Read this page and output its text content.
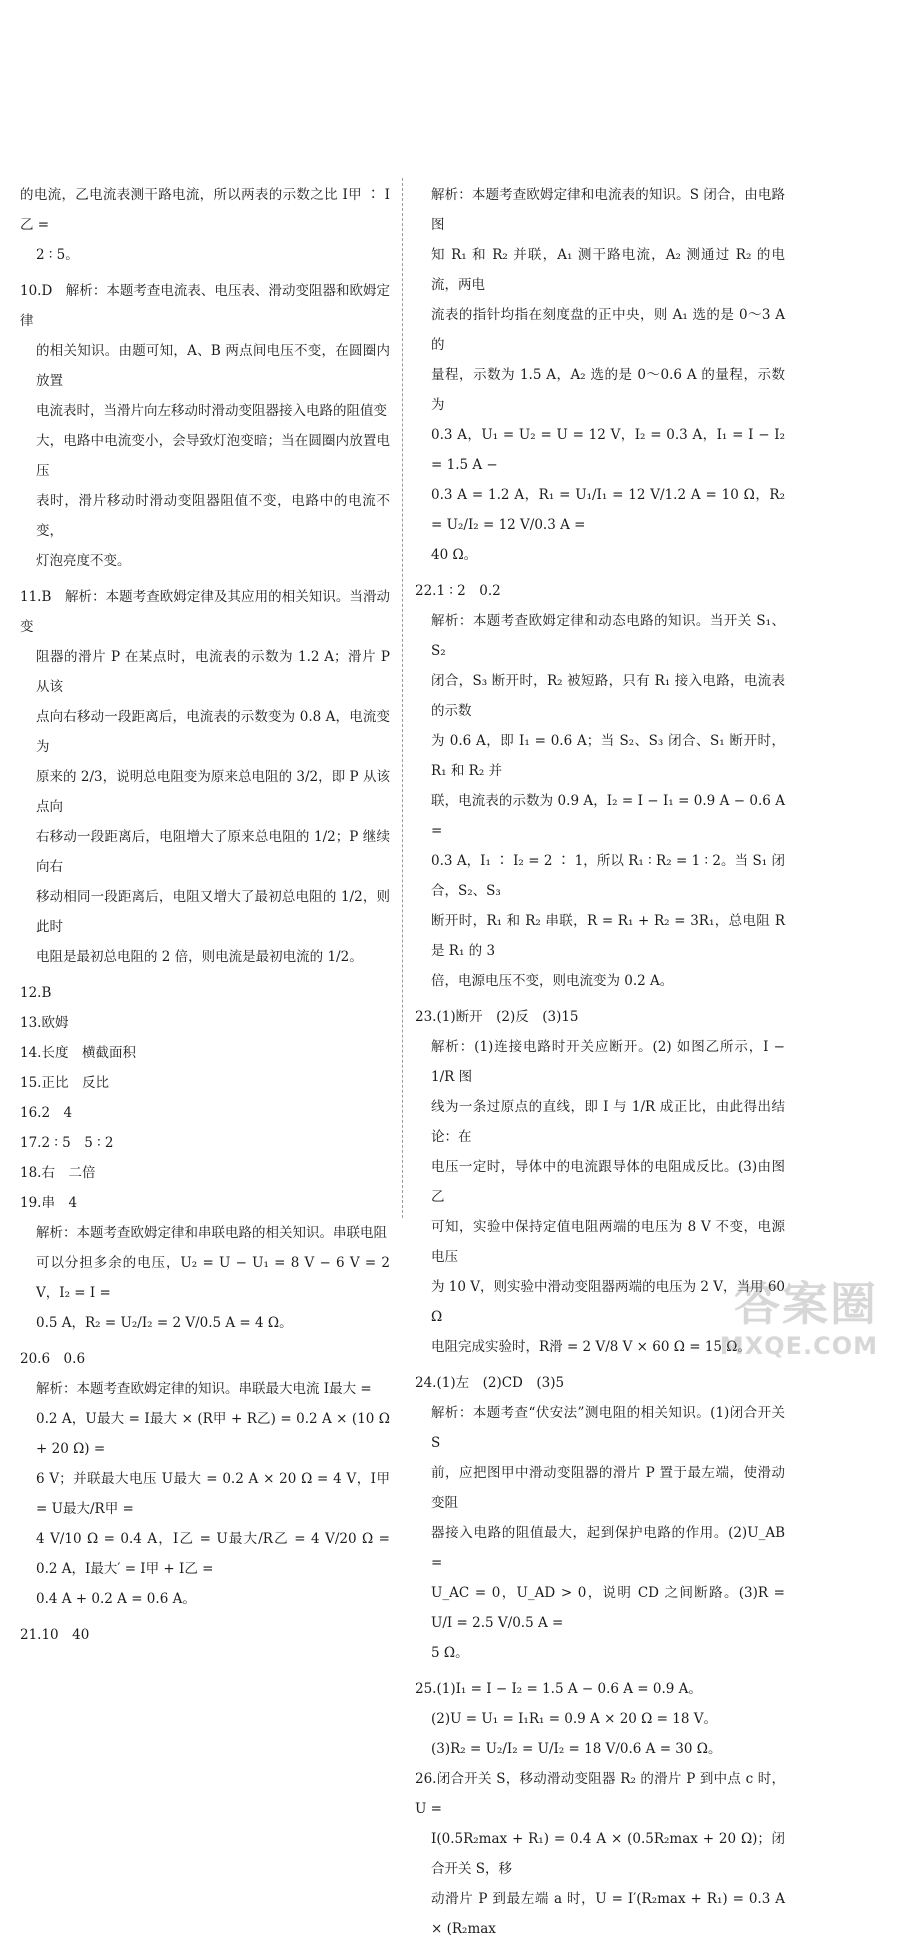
的电流，乙电流表测干路电流，所以两表的示数之比 I甲 ∶ I乙 =

2 ∶ 5。

10.D　解析：本题考查电流表、电压表、滑动变阻器和欧姆定律

的相关知识。由题可知，A、B 两点间电压不变，在圆圈内放置

电流表时，当滑片向左移动时滑动变阻器接入电路的阻值变

大，电路中电流变小，会导致灯泡变暗；当在圆圈内放置电压

表时，滑片移动时滑动变阻器阻值不变，电路中的电流不变，

灯泡亮度不变。

11.B　解析：本题考查欧姆定律及其应用的相关知识。当滑动变

阻器的滑片 P 在某点时，电流表的示数为 1.2 A；滑片 P 从该

点向右移动一段距离后，电流表的示数变为 0.8 A，电流变为

原来的 2/3，说明总电阻变为原来总电阻的 3/2，即 P 从该点向

右移动一段距离后，电阻增大了原来总电阻的 1/2；P 继续向右

移动相同一段距离后，电阻又增大了最初总电阻的 1/2，则此时

电阻是最初总电阻的 2 倍，则电流是最初电流的 1/2。

12.B

13.欧姆

14.长度　横截面积

15.正比　反比

16.2　4

17.2 ∶ 5　5 ∶ 2

18.右　二倍

19.串　4

解析：本题考查欧姆定律和串联电路的相关知识。串联电阻

可以分担多余的电压，U₂ = U − U₁ = 8 V − 6 V = 2 V，I₂ = I =

0.5 A，R₂ = U₂/I₂ = 2 V/0.5 A = 4 Ω。

20.6　0.6

解析：本题考查欧姆定律的知识。串联最大电流 I最大 =

0.2 A，U最大 = I最大 × (R甲 + R乙) = 0.2 A × (10 Ω + 20 Ω) =

6 V；并联最大电压 U最大 = 0.2 A × 20 Ω = 4 V，I甲 = U最大/R甲 =

4 V/10 Ω = 0.4 A，I乙 = U最大/R乙 = 4 V/20 Ω = 0.2 A，I最大′ = I甲 + I乙 =

0.4 A + 0.2 A = 0.6 A。

21.10　40

解析：本题考查欧姆定律和电流表的知识。S 闭合，由电路图

知 R₁ 和 R₂ 并联，A₁ 测干路电流，A₂ 测通过 R₂ 的电流，两电

流表的指针均指在刻度盘的正中央，则 A₁ 选的是 0～3 A 的

量程，示数为 1.5 A，A₂ 选的是 0～0.6 A 的量程，示数为

0.3 A，U₁ = U₂ = U = 12 V，I₂ = 0.3 A，I₁ = I − I₂ = 1.5 A −

0.3 A = 1.2 A，R₁ = U₁/I₁ = 12 V/1.2 A = 10 Ω，R₂ = U₂/I₂ = 12 V/0.3 A =

40 Ω。

22.1 ∶ 2　0.2

解析：本题考查欧姆定律和动态电路的知识。当开关 S₁、S₂

闭合，S₃ 断开时，R₂ 被短路，只有 R₁ 接入电路，电流表的示数

为 0.6 A，即 I₁ = 0.6 A；当 S₂、S₃ 闭合、S₁ 断开时，R₁ 和 R₂ 并

联，电流表的示数为 0.9 A，I₂ = I − I₁ = 0.9 A − 0.6 A =

0.3 A，I₁ ∶ I₂ = 2 ∶ 1，所以 R₁ ∶ R₂ = 1 ∶ 2。当 S₁ 闭合，S₂、S₃

断开时，R₁ 和 R₂ 串联，R = R₁ + R₂ = 3R₁，总电阻 R 是 R₁ 的 3

倍，电源电压不变，则电流变为 0.2 A。

23.(1)断开　(2)反　(3)15

解析：(1)连接电路时开关应断开。(2) 如图乙所示，I − 1/R 图

线为一条过原点的直线，即 I 与 1/R 成正比，由此得出结论：在

电压一定时，导体中的电流跟导体的电阻成反比。(3)由图乙

可知，实验中保持定值电阻两端的电压为 8 V 不变，电源电压

为 10 V，则实验中滑动变阻器两端的电压为 2 V，当用 60 Ω

电阻完成实验时，R滑 = 2 V/8 V × 60 Ω = 15 Ω。

24.(1)左　(2)CD　(3)5

解析：本题考查“伏安法”测电阻的相关知识。(1)闭合开关 S

前，应把图甲中滑动变阻器的滑片 P 置于最左端，使滑动变阻

器接入电路的阻值最大，起到保护电路的作用。(2)U_AB =

U_AC = 0，U_AD > 0，说明 CD 之间断路。(3)R = U/I = 2.5 V/0.5 A =

5 Ω。

25.(1)I₁ = I − I₂ = 1.5 A − 0.6 A = 0.9 A。

(2)U = U₁ = I₁R₁ = 0.9 A × 20 Ω = 18 V。

(3)R₂ = U₂/I₂ = U/I₂ = 18 V/0.6 A = 30 Ω。

26.闭合开关 S，移动滑动变阻器 R₂ 的滑片 P 到中点 c 时，U =

I(0.5R₂max + R₁) = 0.4 A × (0.5R₂max + 20 Ω)；闭合开关 S，移

动滑片 P 到最左端 a 时，U = I′(R₂max + R₁) = 0.3 A × (R₂max

答案圈
MXQE.COM
